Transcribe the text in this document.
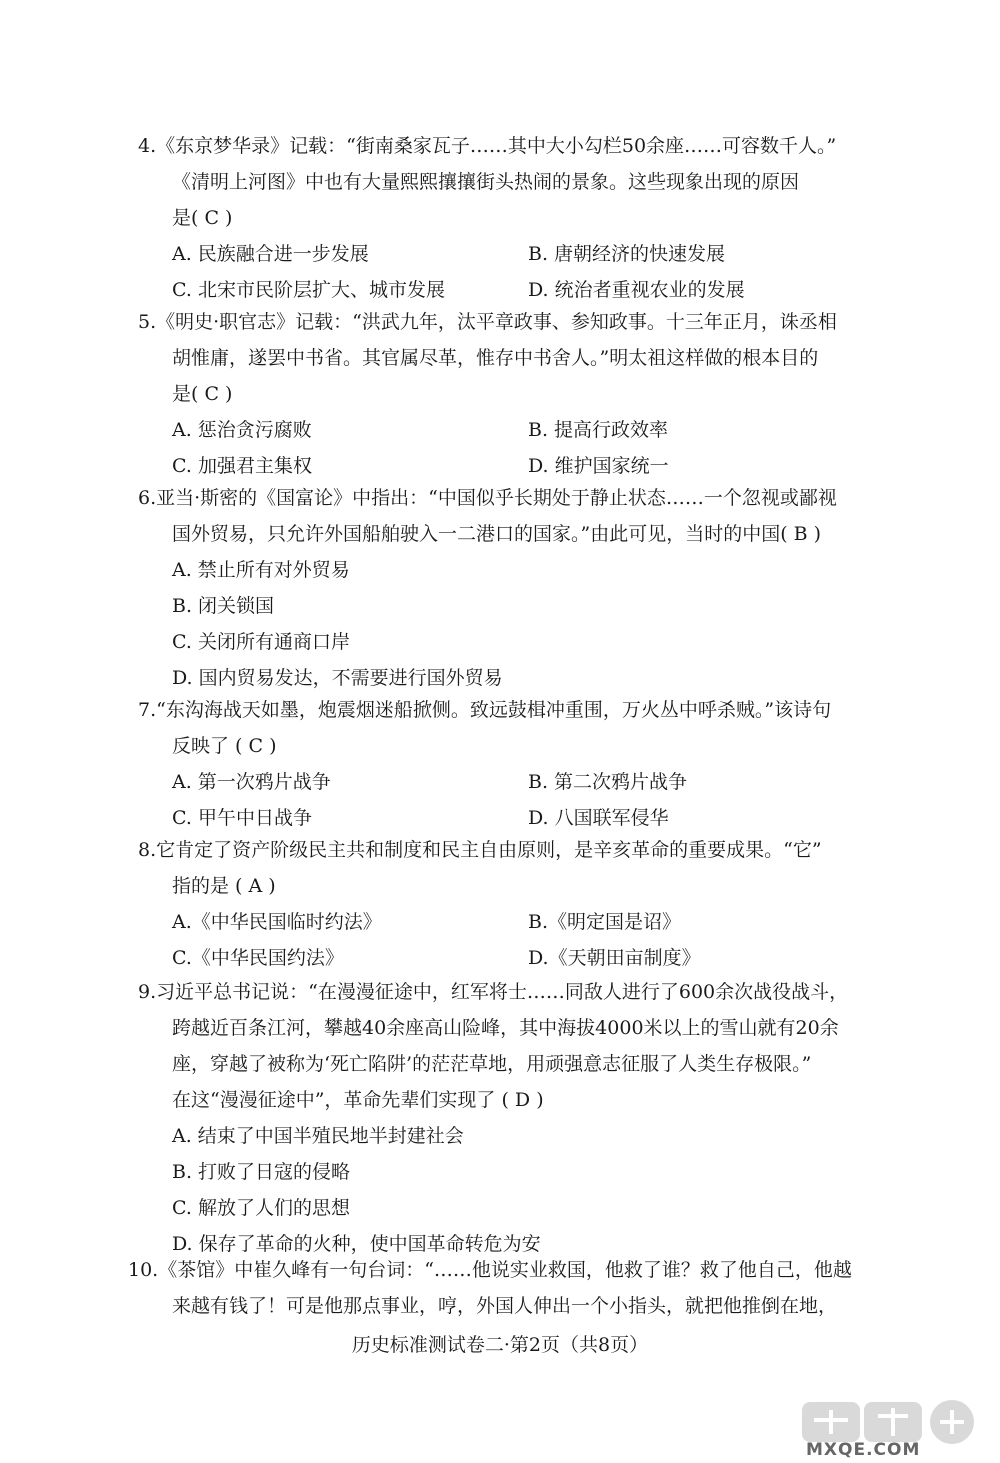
4.《东京梦华录》记载：“街南桑家瓦子……其中大小勾栏50余座……可容数千人。”
《清明上河图》中也有大量熙熙攘攘街头热闹的景象。这些现象出现的原因
是( C )
A. 民族融合进一步发展	B. 唐朝经济的快速发展
C. 北宋市民阶层扩大、城市发展	D. 统治者重视农业的发展
5.《明史·职官志》记载：“洪武九年，汰平章政事、参知政事。十三年正月，诛丞相
胡惟庸，遂罢中书省。其官属尽革，惟存中书舍人。”明太祖这样做的根本目的
是( C )
A. 惩治贪污腐败	B. 提高行政效率
C. 加强君主集权	D. 维护国家统一
6.亚当·斯密的《国富论》中指出：“中国似乎长期处于静止状态……一个忽视或鄙视
国外贸易，只允许外国船舶驶入一二港口的国家。”由此可见，当时的中国( B )
A. 禁止所有对外贸易
B. 闭关锁国
C. 关闭所有通商口岸
D. 国内贸易发达，不需要进行国外贸易
7.“东沟海战天如墨，炮震烟迷船掀侧。致远鼓楫冲重围，万火丛中呼杀贼。”该诗句
反映了 ( C )
A. 第一次鸦片战争	B. 第二次鸦片战争
C. 甲午中日战争	D. 八国联军侵华
8.它肯定了资产阶级民主共和制度和民主自由原则，是辛亥革命的重要成果。“它”
指的是 ( A )
A.《中华民国临时约法》	B.《明定国是诏》
C.《中华民国约法》	D.《天朝田亩制度》
9.习近平总书记说：“在漫漫征途中，红军将士……同敌人进行了600余次战役战斗，
跨越近百条江河，攀越40余座高山险峰，其中海拔4000米以上的雪山就有20余
座，穿越了被称为‘死亡陷阱’的茫茫草地，用顽强意志征服了人类生存极限。”
在这“漫漫征途中”，革命先辈们实现了 ( D )
A. 结束了中国半殖民地半封建社会
B. 打败了日寇的侵略
C. 解放了人们的思想
D. 保存了革命的火种，使中国革命转危为安
10.《茶馆》中崔久峰有一句台词：“……他说实业救国，他救了谁？救了他自己，他越
来越有钱了！可是他那点事业，哼，外国人伸出一个小指头，就把他推倒在地，
历史标准测试卷二·第2页（共8页）
MXQE.COM
